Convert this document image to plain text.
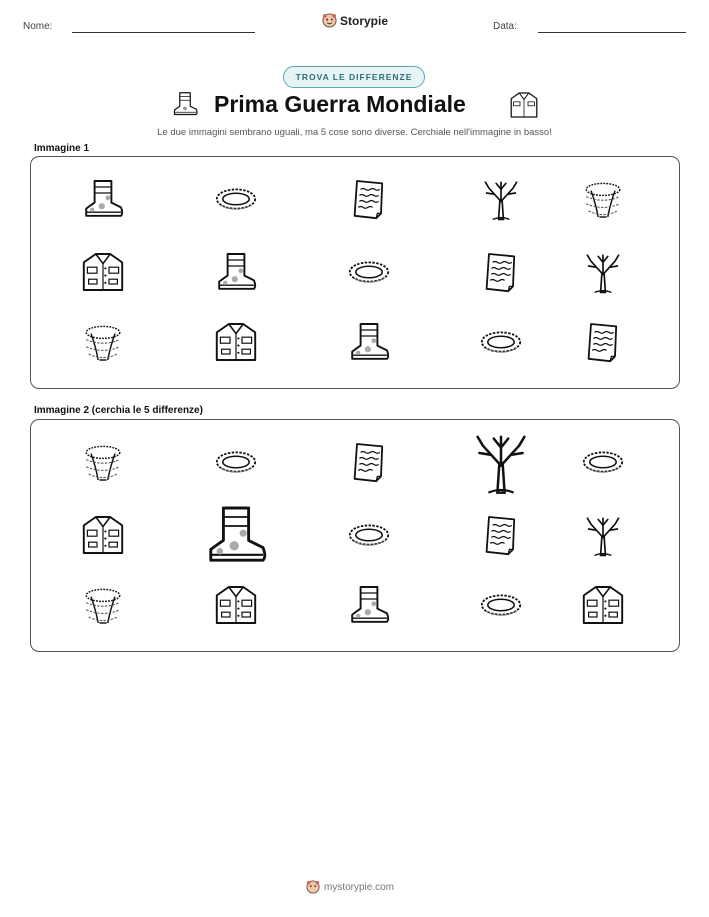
Nome:	Storypie	Data:
TROVA LE DIFFERENZE
Prima Guerra Mondiale
Le due immagini sembrano uguali, ma 5 cose sono diverse. Cerchiale nell'immagine in basso!
Immagine 1
Immagine 2 (cerchia le 5 differenze)
mystorypie.com
